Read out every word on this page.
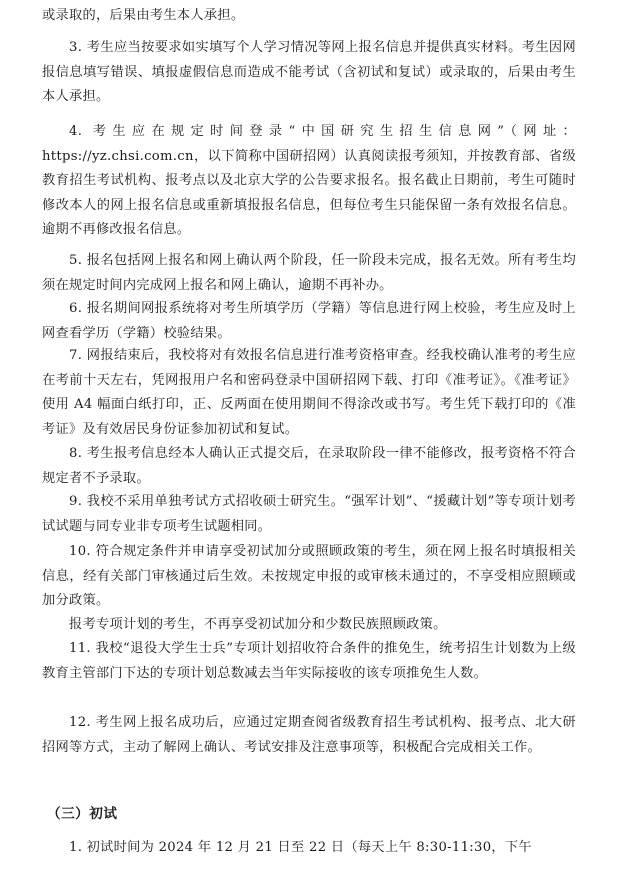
或录取的，后果由考生本人承担。

3. 考生应当按要求如实填写个人学习情况等网上报名信息并提供真实材料。考生因网报信息填写错误、填报虚假信息而造成不能考试（含初试和复试）或录取的，后果由考生本人承担。

4. 考生应在规定时间登录“中国研究生招生信息网”（网址：https://yz.chsi.com.cn，以下简称中国研招网）认真阅读报考须知，并按教育部、省级教育招生考试机构、报考点以及北京大学的公告要求报名。报名截止日期前，考生可随时修改本人的网上报名信息或重新填报报名信息，但每位考生只能保留一条有效报名信息。逾期不再修改报名信息。

5. 报名包括网上报名和网上确认两个阶段，任一阶段未完成，报名无效。所有考生均须在规定时间内完成网上报名和网上确认，逾期不再补办。

6. 报名期间网报系统将对考生所填学历（学籍）等信息进行网上校验，考生应及时上网查看学历（学籍）校验结果。

7. 网报结束后，我校将对有效报名信息进行准考资格审查。经我校确认准考的考生应在考前十天左右，凭网报用户名和密码登录中国研招网下载、打印《准考证》。《准考证》使用 A4 幅面白纸打印，正、反两面在使用期间不得涂改或书写。考生凭下载打印的《准考证》及有效居民身份证参加初试和复试。

8. 考生报考信息经本人确认正式提交后，在录取阶段一律不能修改，报考资格不符合规定者不予录取。

9. 我校不采用单独考试方式招收硕士研究生。“强军计划”、“援藏计划”等专项计划考试试题与同专业非专项考生试题相同。

10. 符合规定条件并申请享受初试加分或照顾政策的考生，须在网上报名时填报相关信息，经有关部门审核通过后生效。未按规定申报的或审核未通过的，不享受相应照顾或加分政策。

报考专项计划的考生，不再享受初试加分和少数民族照顾政策。

11. 我校“退役大学生士兵”专项计划招收符合条件的推免生，统考招生计划数为上级教育主管部门下达的专项计划总数减去当年实际接收的该专项推免生人数。

12. 考生网上报名成功后，应通过定期查阅省级教育招生考试机构、报考点、北大研招网等方式，主动了解网上确认、考试安排及注意事项等，积极配合完成相关工作。

（三）初试

1. 初试时间为 2024 年 12 月 21 日至 22 日（每天上午 8:30-11:30，下午
